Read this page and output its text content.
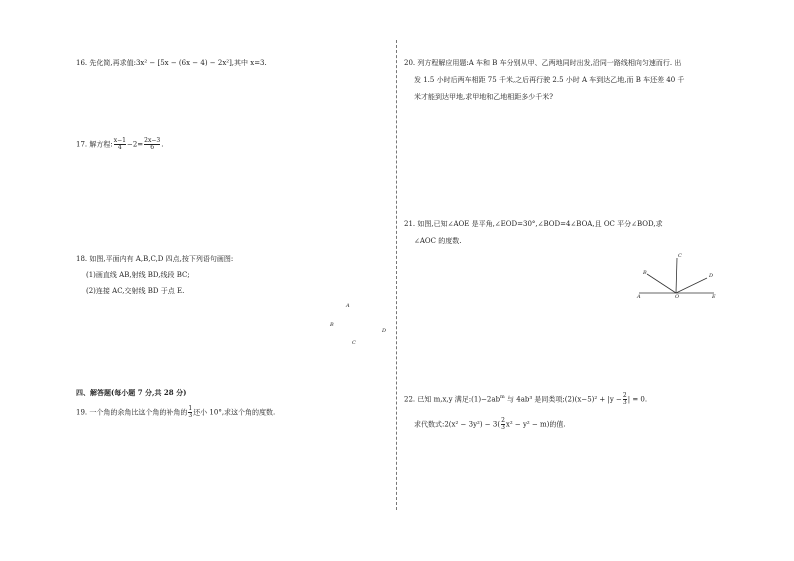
16. 先化简,再求值:3x² − [5x − (6x − 4) − 2x²],其中 x=3.
17. 解方程: $\frac{x-1}{4} -2= \frac{2x-3}{6}$ .
18. 如图,平面内有 A,B,C,D 四点,按下列语句画图:
(1)画直线 AB,射线 BD,线段 BC;
(2)连接 AC,交射线 BD 于点 E.
A
B
D
C
四、解答题(每小题 7 分,共 28 分)
19. 一个角的余角比这个角的补角的 $\frac{1}{3}$ 还小 10°,求这个角的度数.
20. 列方程解应用题:A 车和 B 车分别从甲、乙两地同时出发,沿同一路线相向匀速而行. 出
发 1.5 小时后两车相距 75 千米,之后再行驶 2.5 小时 A 车到达乙地,而 B 车还差 40 千
米才能到达甲地,求甲地和乙地相距多少千米?
21. 如图,已知∠AOE 是平角,∠EOD=30°,∠BOD=4∠BOA,且 OC 平分∠BOD,求
∠AOC 的度数.
A	O	E
B
C
D
22. 已知 m,x,y 满足$:(1)-2ab^m$ 与 4ab³ 是同类项;(2)(x−5)² + $|y - \frac{2}{3}$ | = 0.
求代数式:2(x² − $3y^2) - 3( \frac{2}{3} x^2 - y^2 - m)$的值.
